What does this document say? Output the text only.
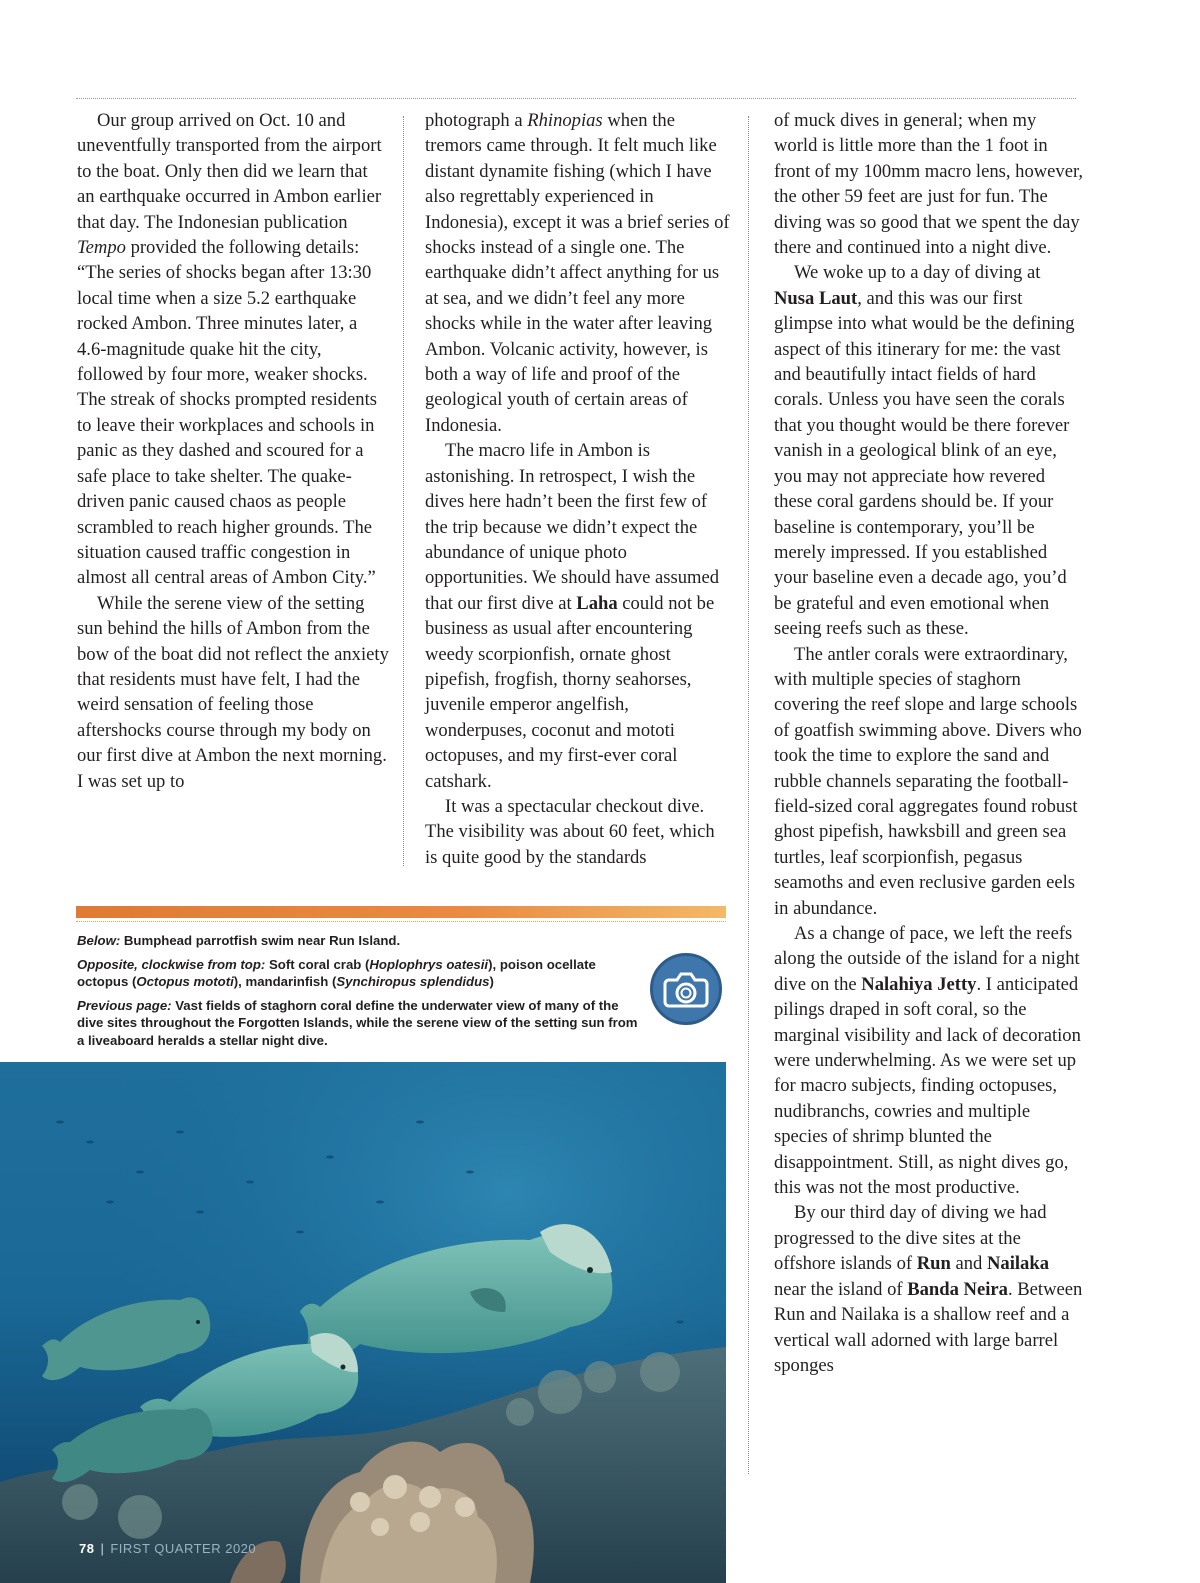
Our group arrived on Oct. 10 and uneventfully transported from the airport to the boat. Only then did we learn that an earthquake occurred in Ambon earlier that day. The Indonesian publication Tempo provided the following details: “The series of shocks began after 13:30 local time when a size 5.2 earthquake rocked Ambon. Three minutes later, a 4.6-magnitude quake hit the city, followed by four more, weaker shocks. The streak of shocks prompted residents to leave their workplaces and schools in panic as they dashed and scoured for a safe place to take shelter. The quake-driven panic caused chaos as people scrambled to reach higher grounds. The situation caused traffic congestion in almost all central areas of Ambon City.”

While the serene view of the setting sun behind the hills of Ambon from the bow of the boat did not reflect the anxiety that residents must have felt, I had the weird sensation of feeling those aftershocks course through my body on our first dive at Ambon the next morning. I was set up to

photograph a Rhinopias when the tremors came through. It felt much like distant dynamite fishing (which I have also regrettably experienced in Indonesia), except it was a brief series of shocks instead of a single one. The earthquake didn’t affect anything for us at sea, and we didn’t feel any more shocks while in the water after leaving Ambon. Volcanic activity, however, is both a way of life and proof of the geological youth of certain areas of Indonesia.

The macro life in Ambon is astonishing. In retrospect, I wish the dives here hadn’t been the first few of the trip because we didn’t expect the abundance of unique photo opportunities. We should have assumed that our first dive at Laha could not be business as usual after encountering weedy scorpionfish, ornate ghost pipefish, frogfish, thorny seahorses, juvenile emperor angelfish, wonderpuses, coconut and mototi octopuses, and my first-ever coral catshark.

It was a spectacular checkout dive. The visibility was about 60 feet, which is quite good by the standards

of muck dives in general; when my world is little more than the 1 foot in front of my 100mm macro lens, however, the other 59 feet are just for fun. The diving was so good that we spent the day there and continued into a night dive.

We woke up to a day of diving at Nusa Laut, and this was our first glimpse into what would be the defining aspect of this itinerary for me: the vast and beautifully intact fields of hard corals. Unless you have seen the corals that you thought would be there forever vanish in a geological blink of an eye, you may not appreciate how revered these coral gardens should be. If your baseline is contemporary, you’ll be merely impressed. If you established your baseline even a decade ago, you’d be grateful and even emotional when seeing reefs such as these.

The antler corals were extraordinary, with multiple species of staghorn covering the reef slope and large schools of goatfish swimming above. Divers who took the time to explore the sand and rubble channels separating the football-field-sized coral aggregates found robust ghost pipefish, hawksbill and green sea turtles, leaf scorpionfish, pegasus seamoths and even reclusive garden eels in abundance.

As a change of pace, we left the reefs along the outside of the island for a night dive on the Nalahiya Jetty. I anticipated pilings draped in soft coral, so the marginal visibility and lack of decoration were underwhelming. As we were set up for macro subjects, finding octopuses, nudibranchs, cowries and multiple species of shrimp blunted the disappointment. Still, as night dives go, this was not the most productive.

By our third day of diving we had progressed to the dive sites at the offshore islands of Run and Nailaka near the island of Banda Neira. Between Run and Nailaka is a shallow reef and a vertical wall adorned with large barrel sponges

Below: Bumphead parrotfish swim near Run Island.

Opposite, clockwise from top: Soft coral crab (Hoplophrys oatesii), poison ocellate octopus (Octopus mototi), mandarinfish (Synchiropus splendidus)

Previous page: Vast fields of staghorn coral define the underwater view of many of the dive sites throughout the Forgotten Islands, while the serene view of the setting sun from a liveaboard heralds a stellar night dive.

78 | FIRST QUARTER 2020
